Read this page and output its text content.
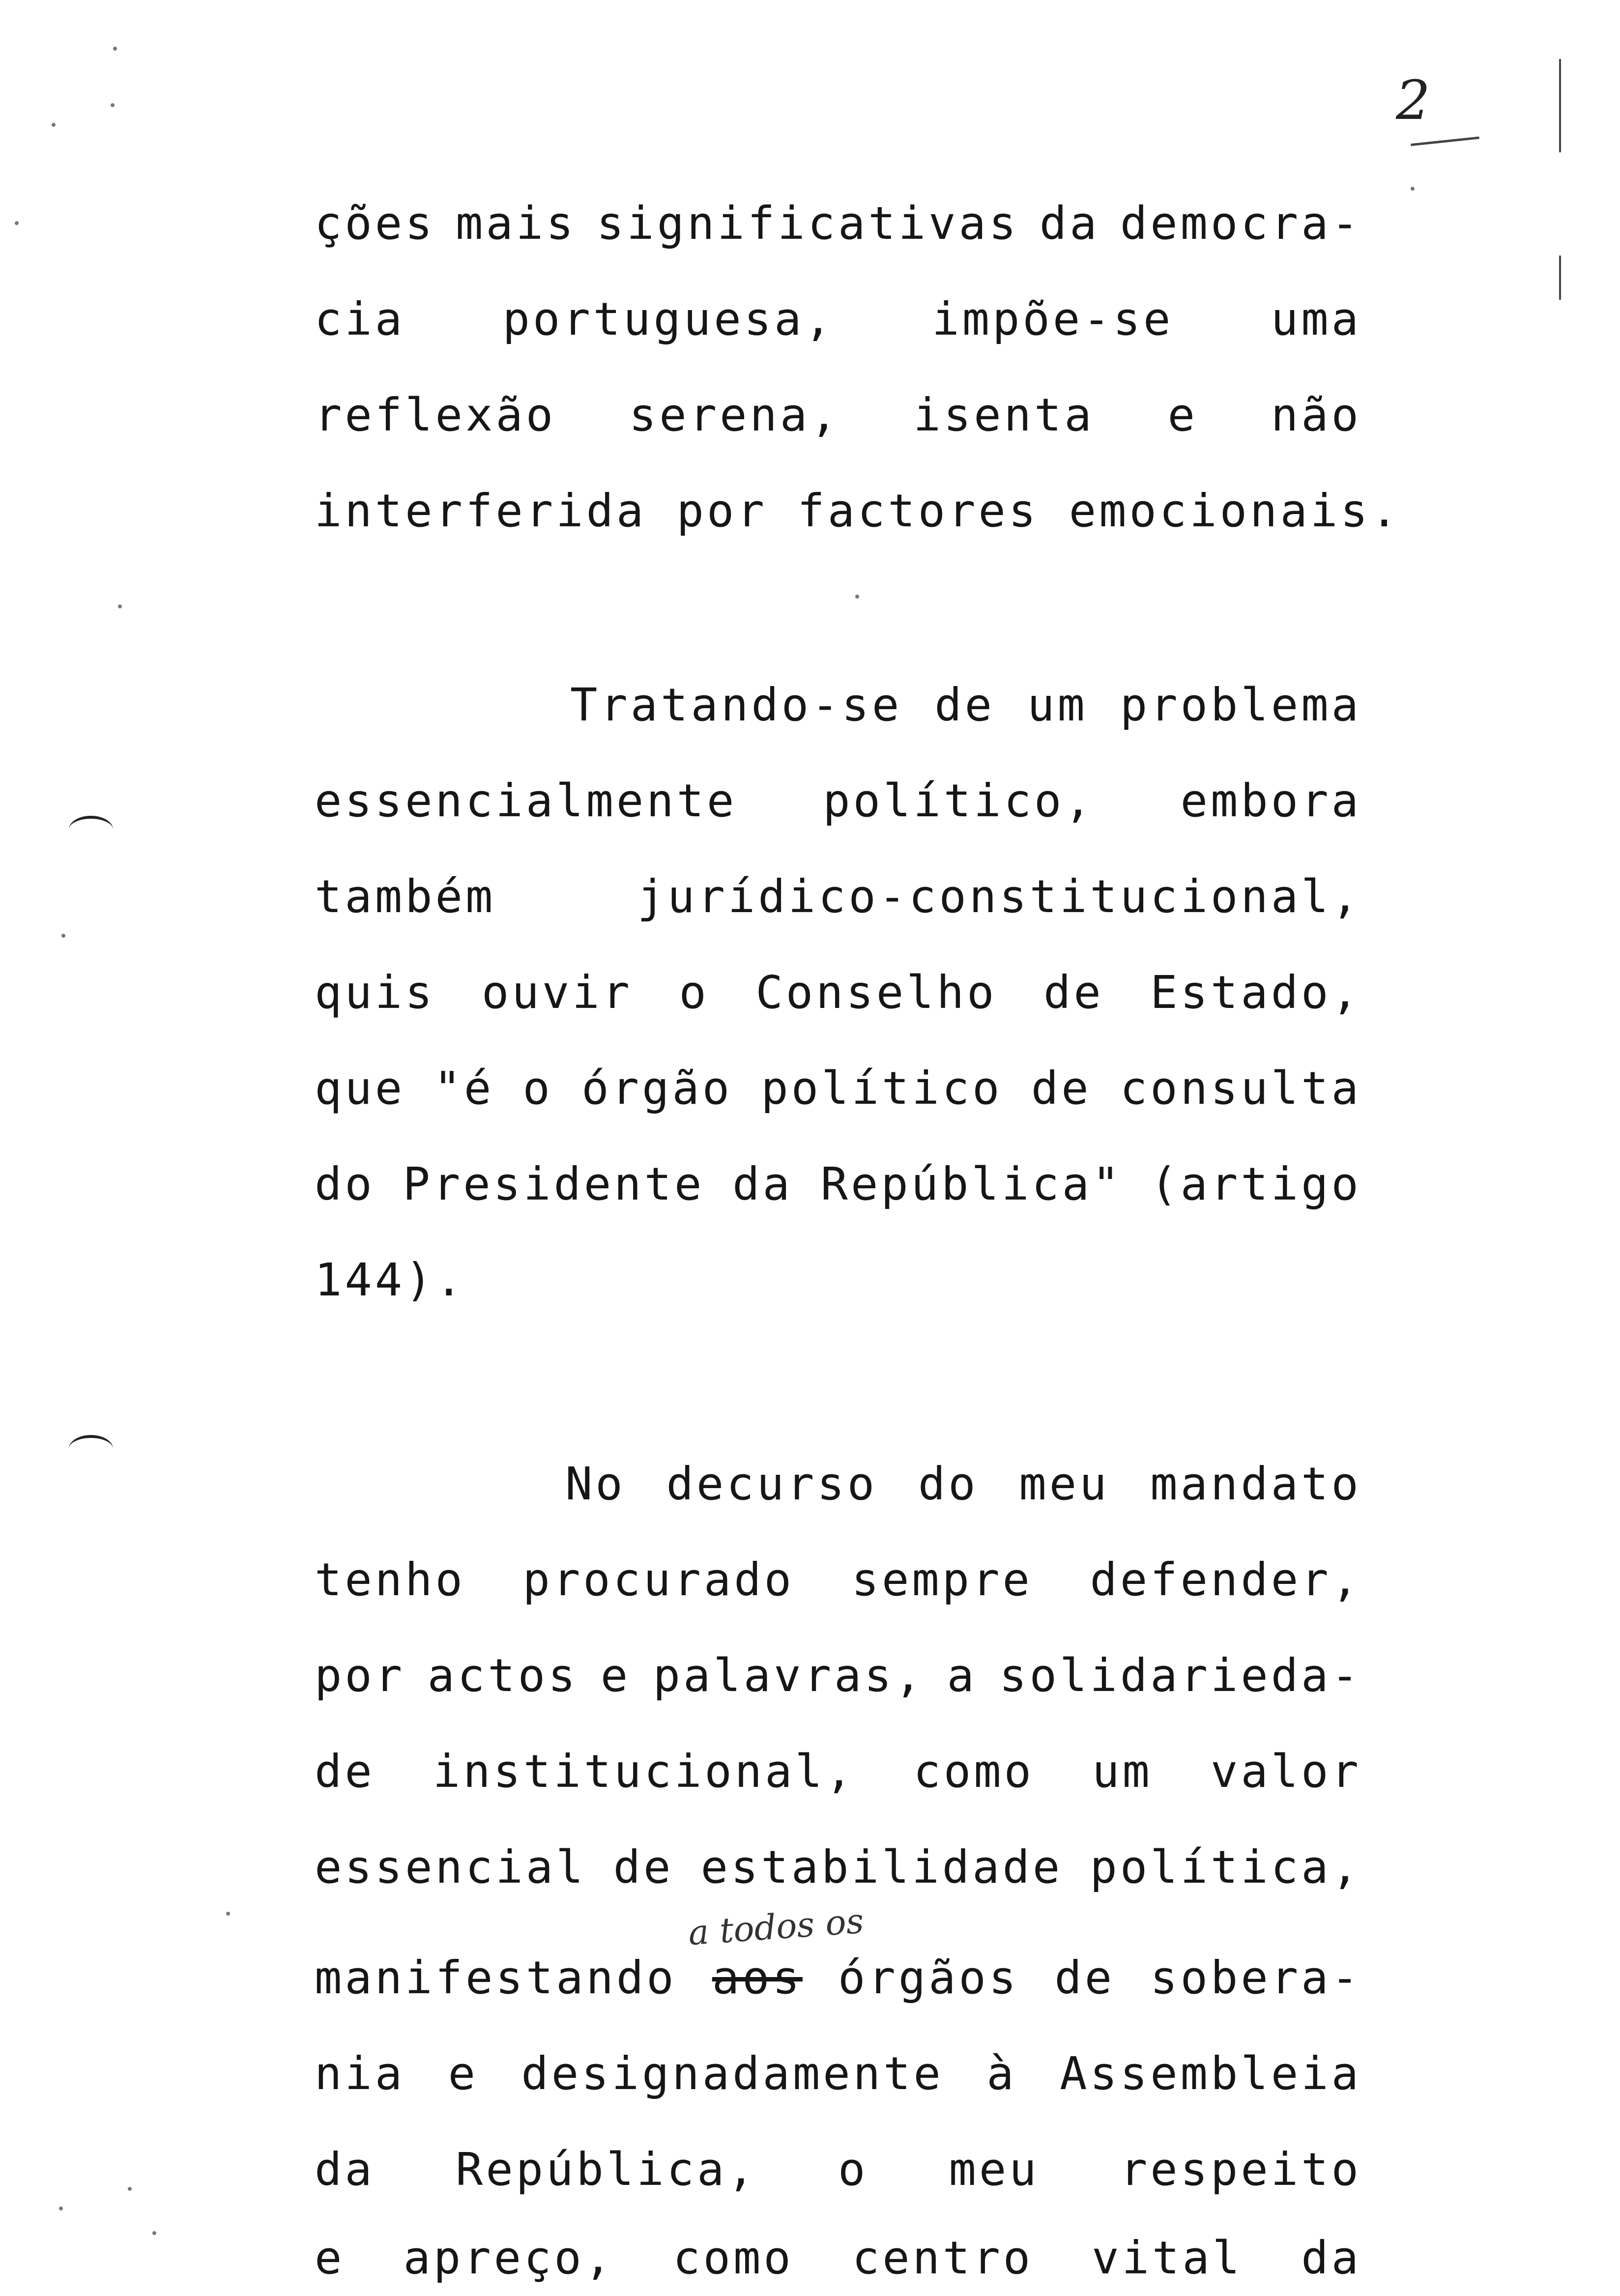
2
ções mais significativas da democra-
cia portuguesa, impõe-se uma
reflexão serena, isenta e não
interferida por factores emocionais.
Tratando-se de um problema
essencialmente político, embora
também	jurídico-constitucional,
quis ouvir o Conselho de Estado,
que "é o órgão político de consulta
do Presidente da República" (artigo
144).
No decurso do meu mandato
tenho procurado sempre defender,
por actos e palavras, a solidarieda-
de institucional, como um valor
essencial de estabilidade política,
a todos os
manifestando aos órgãos de sobera-
nia e designadamente à Assembleia
da República, o meu respeito
e apreço, como centro vital da
